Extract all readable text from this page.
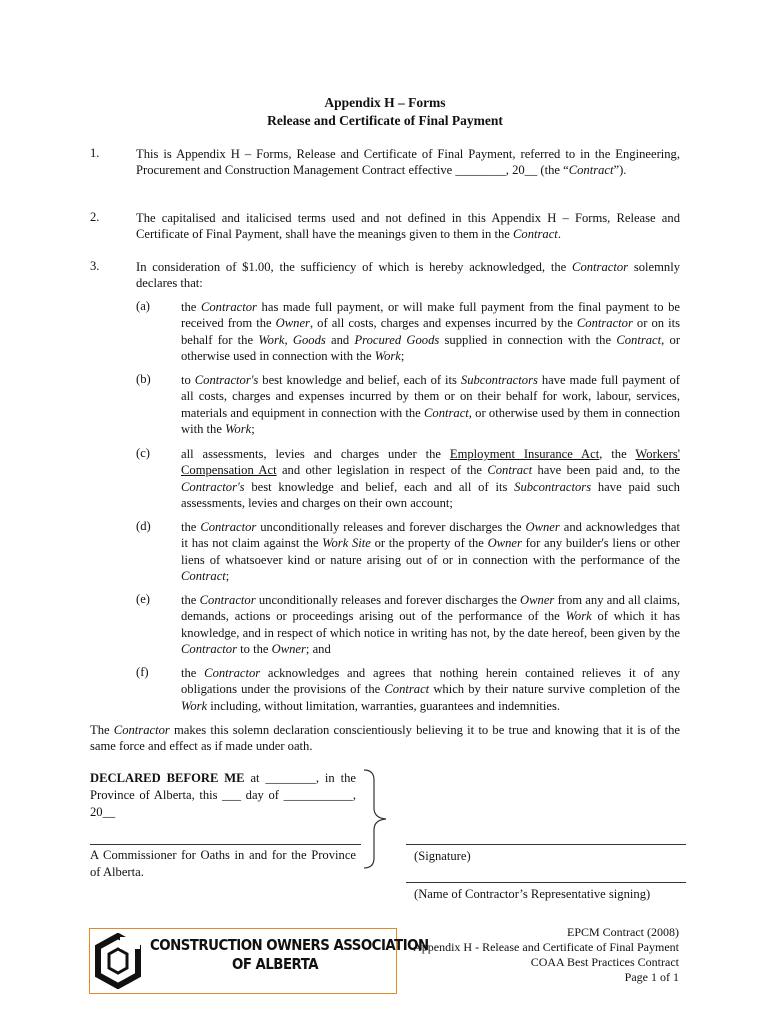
Appendix H – Forms
Release and Certificate of Final Payment
1.	This is Appendix H – Forms, Release and Certificate of Final Payment, referred to in the Engineering, Procurement and Construction Management Contract effective ________, 20__ (the “Contract”).
2.	The capitalised and italicised terms used and not defined in this Appendix H – Forms, Release and Certificate of Final Payment, shall have the meanings given to them in the Contract.
3.	In consideration of $1.00, the sufficiency of which is hereby acknowledged, the Contractor solemnly declares that:
(a) the Contractor has made full payment, or will make full payment from the final payment to be received from the Owner, of all costs, charges and expenses incurred by the Contractor or on its behalf for the Work, Goods and Procured Goods supplied in connection with the Contract, or otherwise used in connection with the Work;
(b) to Contractor's best knowledge and belief, each of its Subcontractors have made full payment of all costs, charges and expenses incurred by them or on their behalf for work, labour, services, materials and equipment in connection with the Contract, or otherwise used by them in connection with the Work;
(c) all assessments, levies and charges under the Employment Insurance Act, the Workers' Compensation Act and other legislation in respect of the Contract have been paid and, to the Contractor's best knowledge and belief, each and all of its Subcontractors have paid such assessments, levies and charges on their own account;
(d) the Contractor unconditionally releases and forever discharges the Owner and acknowledges that it has not claim against the Work Site or the property of the Owner for any builder's liens or other liens of whatsoever kind or nature arising out of or in connection with the performance of the Contract;
(e) the Contractor unconditionally releases and forever discharges the Owner from any and all claims, demands, actions or proceedings arising out of the performance of the Work of which it has knowledge, and in respect of which notice in writing has not, by the date hereof, been given by the Contractor to the Owner; and
(f)	the Contractor acknowledges and agrees that nothing herein contained relieves it of any obligations under the provisions of the Contract which by their nature survive completion of the Work including, without limitation, warranties, guarantees and indemnities.
The Contractor makes this solemn declaration conscientiously believing it to be true and knowing that it is of the same force and effect as if made under oath.
DECLARED BEFORE ME at ________, in the Province of Alberta, this ___ day of ___________, 20__
A Commissioner for Oaths in and for the Province of Alberta.
(Signature)
(Name of Contractor’s Representative signing)
CONSTRUCTION OWNERS ASSOCIATION
OF ALBERTA
EPCM Contract (2008)
Appendix H - Release and Certificate of Final Payment
COAA Best Practices Contract
Page 1 of 1
